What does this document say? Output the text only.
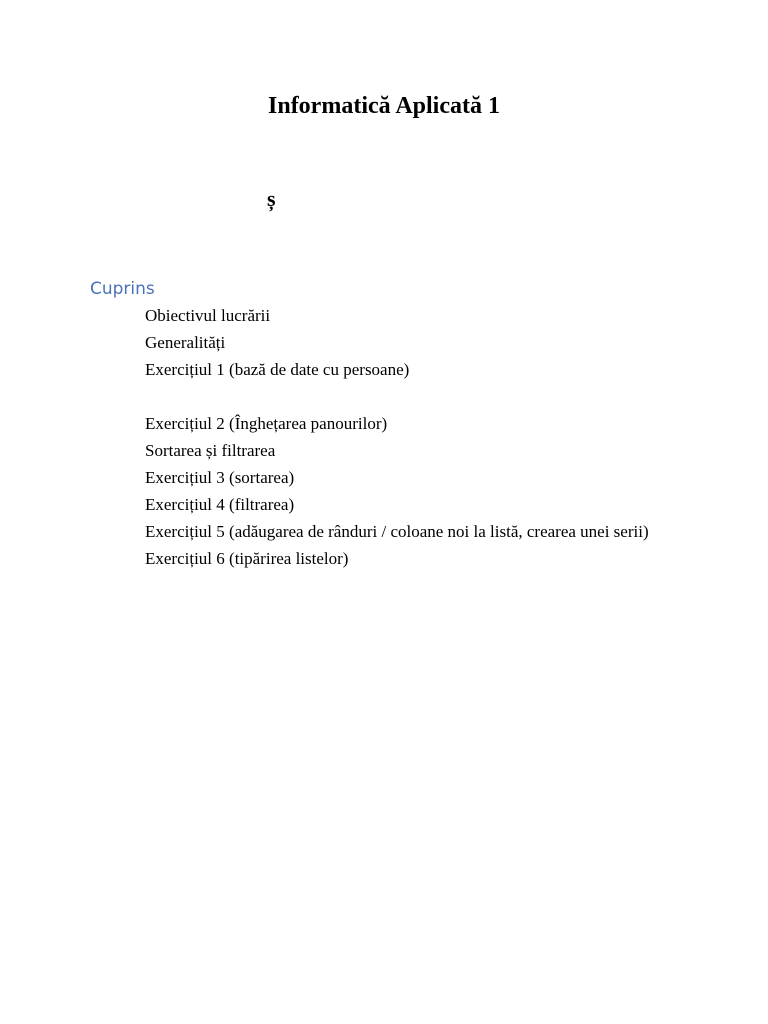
Informatică Aplicată 1
ș
Cuprins
Obiectivul lucrării
Generalități
Exercițiul 1 (bază de date cu persoane)
Exercițiul 2 (Înghețarea panourilor)
Sortarea și filtrarea
Exercițiul 3 (sortarea)
Exercițiul 4 (filtrarea)
Exercițiul 5 (adăugarea de rânduri / coloane noi la listă, crearea unei serii)
Exercițiul 6 (tipărirea listelor)
